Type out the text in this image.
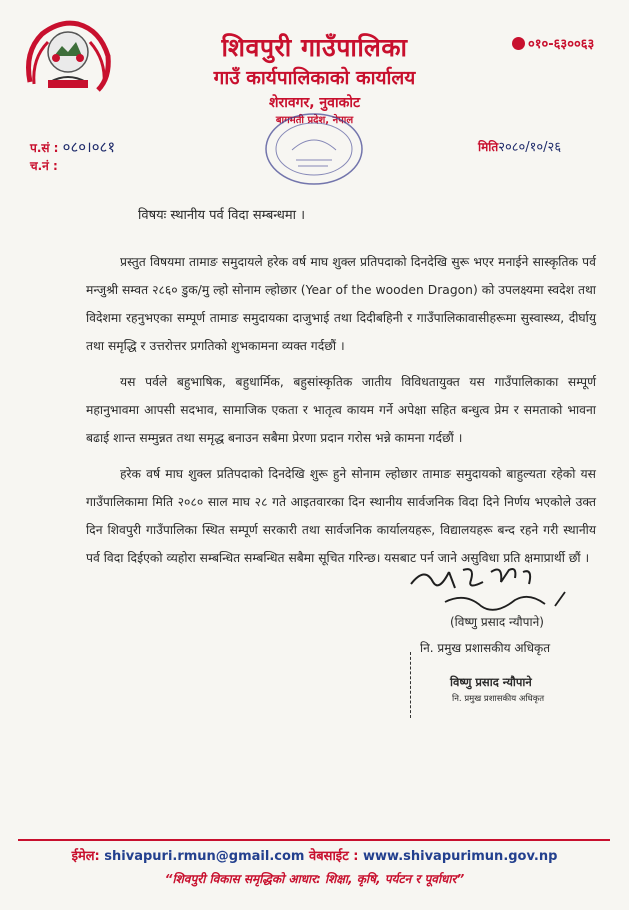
शिवपुरी गाउँपालिका
गाउँ कार्यपालिकाको कार्यालय
शेरावगर, नुवाकोट
बागमती प्रदेश, नेपाल
०१०-६३००६३
प.सं : ०८०।०८१
च.नं :
मिति२०८०/१०/२६
विषयः स्थानीय पर्व विदा सम्बन्धमा ।

प्रस्तुत विषयमा तामाङ समुदायले हरेक वर्ष माघ शुक्ल प्रतिपदाको दिनदेखि सुरू भएर मनाईने सास्कृतिक पर्व मन्जुश्री सम्वत २८६० डुक/मु ल्हो सोनाम ल्होछार (Year of the wooden Dragon) को उपलक्ष्यमा स्वदेश तथा विदेशमा रहनुभएका सम्पूर्ण तामाङ समुदायका दाजुभाई तथा दिदीबहिनी र गाउँपालिकावासीहरूमा सुस्वास्थ्य, दीर्घायु तथा समृद्धि र उत्तरोत्तर प्रगतिको शुभकामना व्यक्त गर्दछौं ।

यस पर्वले बहुभाषिक, बहुधार्मिक, बहुसांस्कृतिक जातीय विविधतायुक्त यस गाउँपालिकाका सम्पूर्ण महानुभावमा आपसी सदभाव, सामाजिक एकता र भातृत्व कायम गर्ने अपेक्षा सहित बन्धुत्व प्रेम र समताको भावना बढाई शान्त सम्मुन्नत तथा समृद्ध बनाउन सबैमा प्रेरणा प्रदान गरोस भन्ने कामना गर्दछौं ।

हरेक वर्ष माघ शुक्ल प्रतिपदाको दिनदेखि शुरू हुने सोनाम ल्होछार तामाङ समुदायको बाहुल्यता रहेको यस गाउँपालिकामा मिति २०८० साल माघ २८ गते आइतवारका दिन स्थानीय सार्वजनिक विदा दिने निर्णय भएकोले उक्त दिन शिवपुरी गाउँपालिका स्थित सम्पूर्ण सरकारी तथा सार्वजनिक कार्यालयहरू, विद्यालयहरू बन्द रहने गरी स्थानीय पर्व विदा दिईएको व्यहोरा सम्बन्धित सम्बन्धित सबैमा सूचित गरिन्छ। यसबाट पर्न जाने असुविधा प्रति क्षमाप्रार्थी छौं ।

(विष्णु प्रसाद न्यौपाने)
नि. प्रमुख प्रशासकीय अधिकृत
विष्णु प्रसाद न्यौपाने
नि. प्रमुख प्रशासकीय अधिकृत
ईमेल: shivapuri.rmun@gmail.com वेबसाईट : www.shivapurimun.gov.np
“शिवपुरी विकास समृद्धिको आधार: शिक्षा, कृषि, पर्यटन र पूर्वाधार”
